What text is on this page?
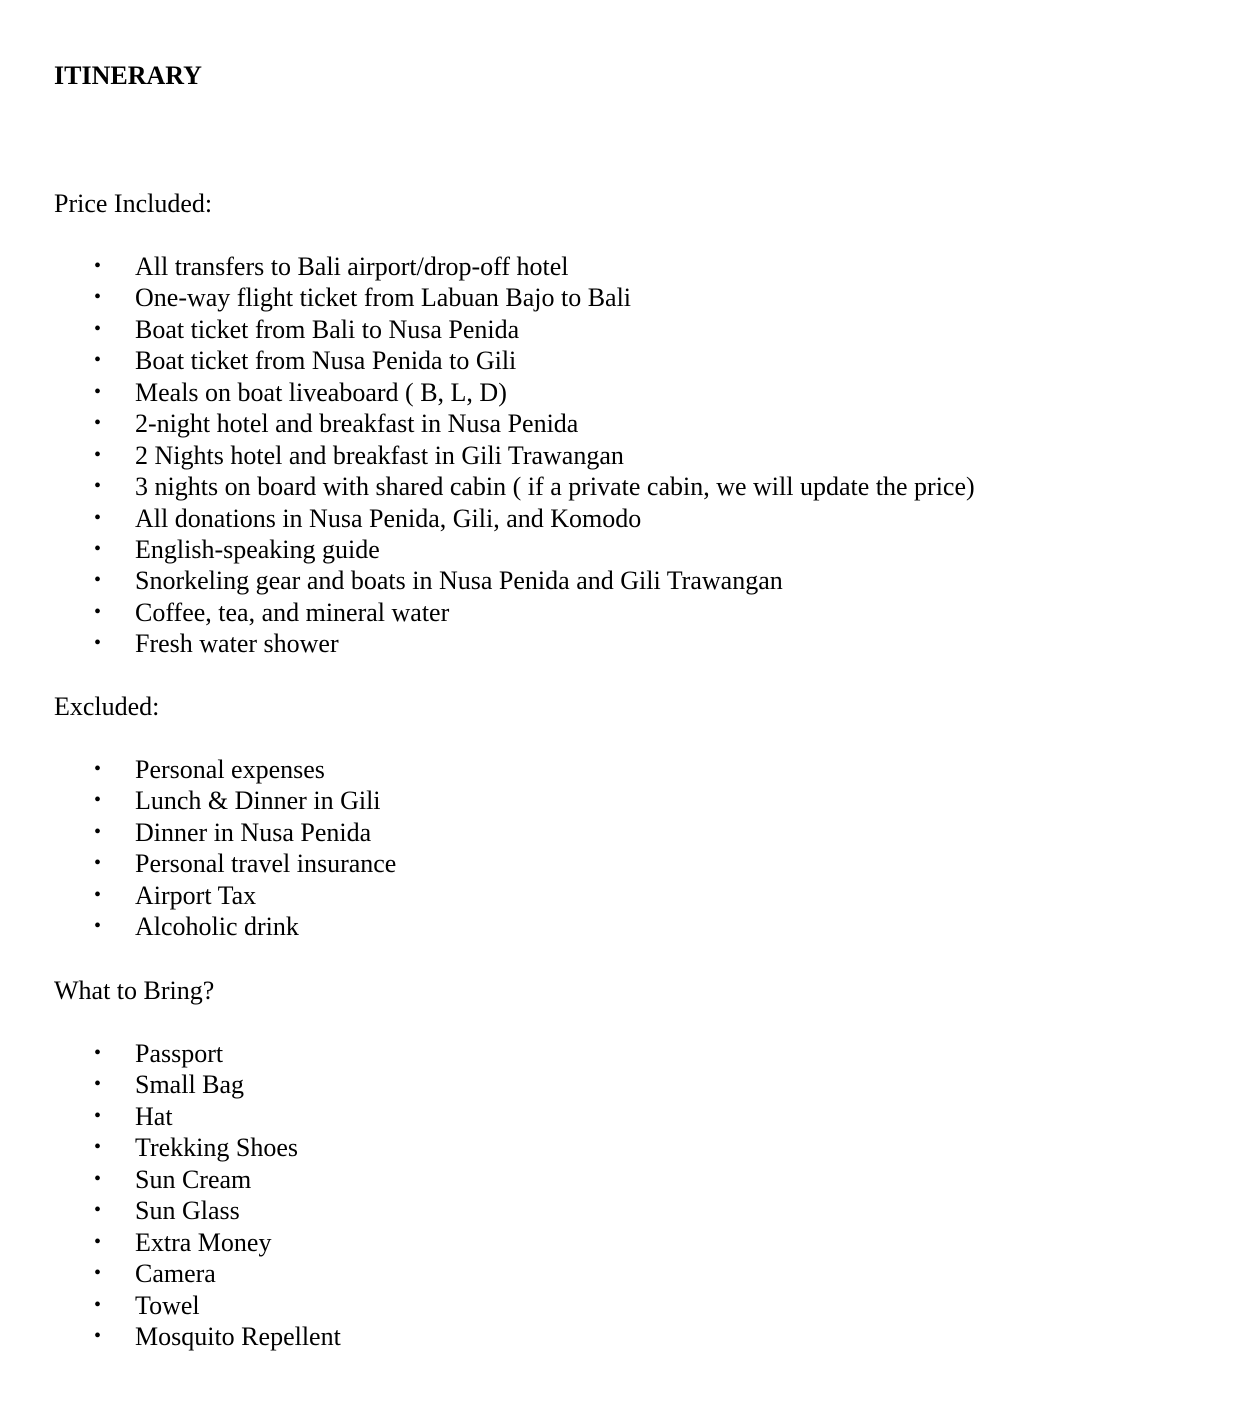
ITINERARY
Price Included:
• All transfers to Bali airport/drop-off hotel
• One-way flight ticket from Labuan Bajo to Bali
• Boat ticket from Bali to Nusa Penida
• Boat ticket from Nusa Penida to Gili
• Meals on boat liveaboard ( B, L, D)
• 2-night hotel and breakfast in Nusa Penida
• 2 Nights hotel and breakfast in Gili Trawangan
• 3 nights on board with shared cabin ( if a private cabin, we will update the price)
• All donations in Nusa Penida, Gili, and Komodo
• English-speaking guide
• Snorkeling gear and boats in Nusa Penida and Gili Trawangan
• Coffee, tea, and mineral water
• Fresh water shower
Excluded:
• Personal expenses
• Lunch & Dinner in Gili
• Dinner in Nusa Penida
• Personal travel insurance
• Airport Tax
• Alcoholic drink
What to Bring?
• Passport
• Small Bag
• Hat
• Trekking Shoes
• Sun Cream
• Sun Glass
• Extra Money
• Camera
• Towel
• Mosquito Repellent
